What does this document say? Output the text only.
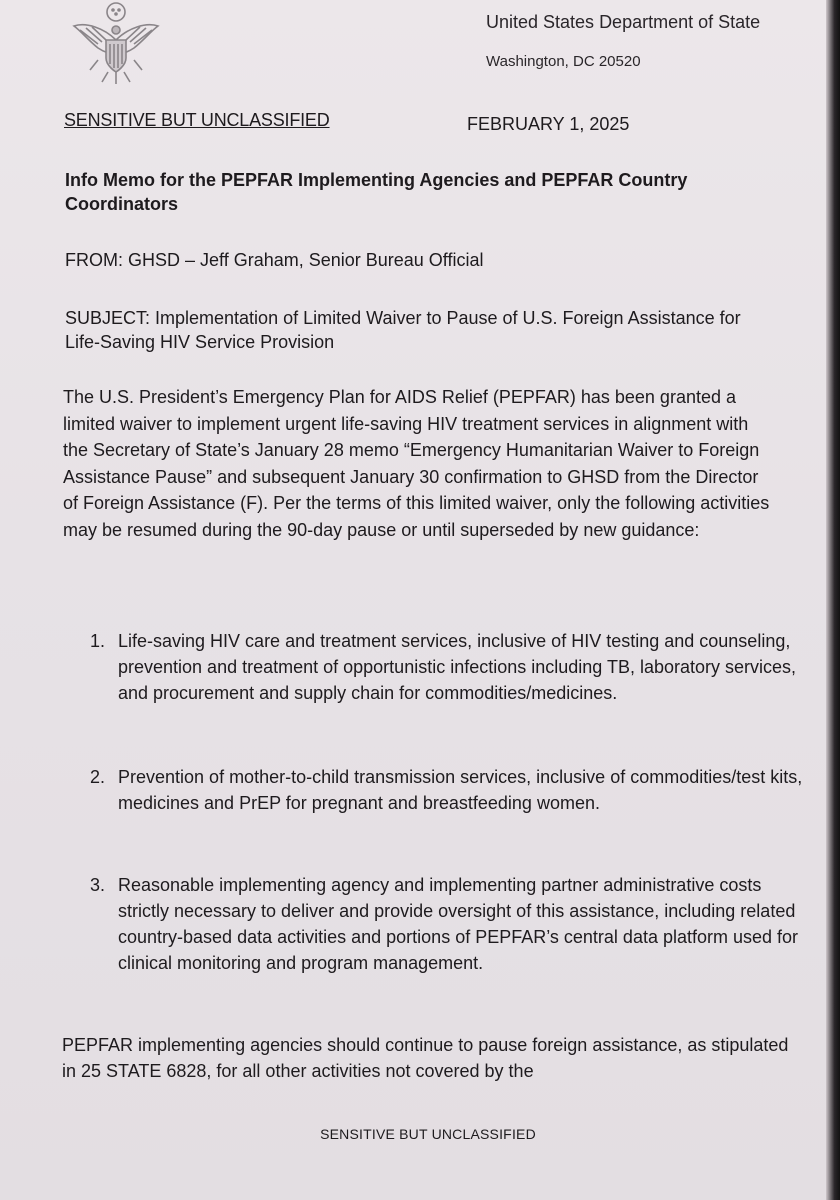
United States Department of State
Washington, DC 20520
SENSITIVE BUT UNCLASSIFIED	FEBRUARY 1, 2025
Info Memo for the PEPFAR Implementing Agencies and PEPFAR Country Coordinators
FROM: GHSD – Jeff Graham, Senior Bureau Official
SUBJECT: Implementation of Limited Waiver to Pause of U.S. Foreign Assistance for Life-Saving HIV Service Provision
The U.S. President’s Emergency Plan for AIDS Relief (PEPFAR) has been granted a limited waiver to implement urgent life-saving HIV treatment services in alignment with the Secretary of State’s January 28 memo “Emergency Humanitarian Waiver to Foreign Assistance Pause” and subsequent January 30 confirmation to GHSD from the Director of Foreign Assistance (F). Per the terms of this limited waiver, only the following activities may be resumed during the 90-day pause or until superseded by new guidance:
1. Life-saving HIV care and treatment services, inclusive of HIV testing and counseling, prevention and treatment of opportunistic infections including TB, laboratory services, and procurement and supply chain for commodities/medicines.
2. Prevention of mother-to-child transmission services, inclusive of commodities/test kits, medicines and PrEP for pregnant and breastfeeding women.
3. Reasonable implementing agency and implementing partner administrative costs strictly necessary to deliver and provide oversight of this assistance, including related country-based data activities and portions of PEPFAR’s central data platform used for clinical monitoring and program management.
PEPFAR implementing agencies should continue to pause foreign assistance, as stipulated in 25 STATE 6828, for all other activities not covered by the
SENSITIVE BUT UNCLASSIFIED
